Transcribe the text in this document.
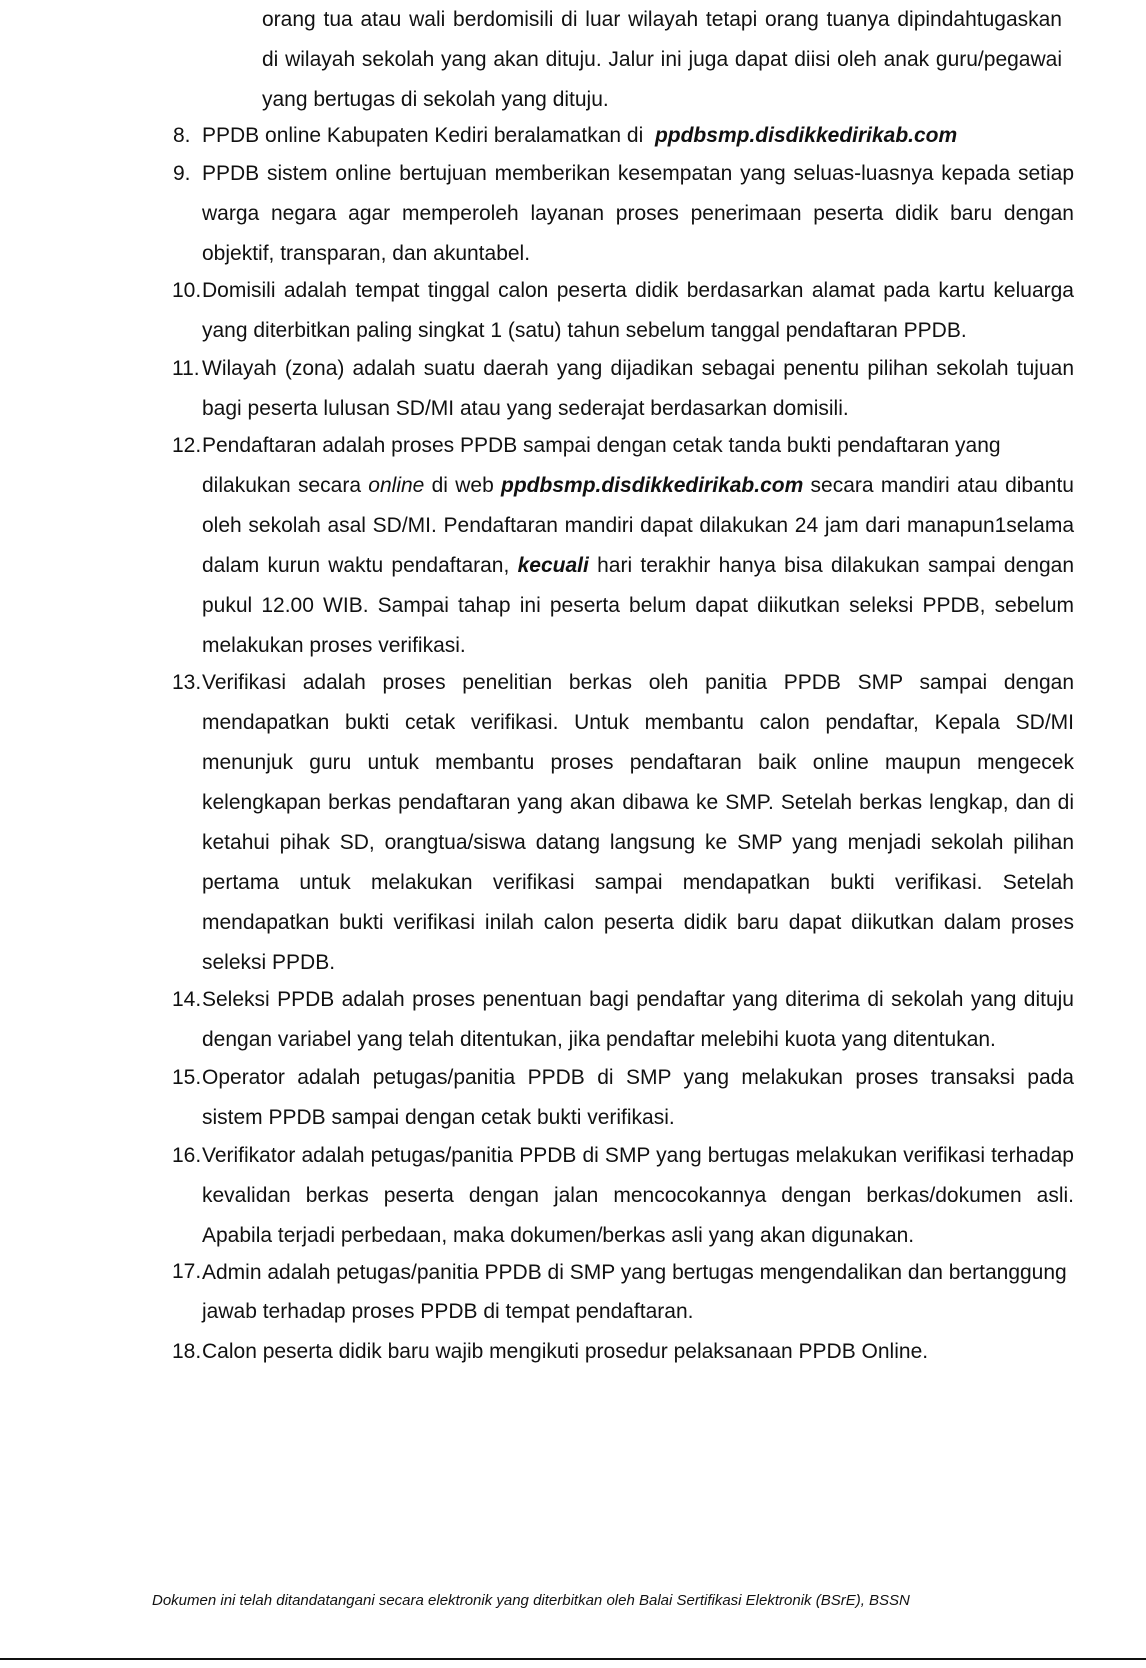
orang tua atau wali berdomisili di luar wilayah tetapi orang tuanya dipindahtugaskan di wilayah sekolah yang akan dituju. Jalur ini juga dapat diisi oleh anak guru/pegawai yang bertugas di sekolah yang dituju.
8. PPDB online Kabupaten Kediri beralamatkan di ppdbsmp.disdikkedirikab.com

9. PPDB sistem online bertujuan memberikan kesempatan yang seluas-luasnya kepada setiap warga negara agar memperoleh layanan proses penerimaan peserta didik baru dengan objektif, transparan, dan akuntabel.

10. Domisili adalah tempat tinggal calon peserta didik berdasarkan alamat pada kartu keluarga yang diterbitkan paling singkat 1 (satu) tahun sebelum tanggal pendaftaran PPDB.

11. Wilayah (zona) adalah suatu daerah yang dijadikan sebagai penentu pilihan sekolah tujuan bagi peserta lulusan SD/MI atau yang sederajat berdasarkan domisili.

12. Pendaftaran adalah proses PPDB sampai dengan cetak tanda bukti pendaftaran yang

dilakukan secara online di web ppdbsmp.disdikkedirikab.com secara mandiri atau dibantu oleh sekolah asal SD/MI. Pendaftaran mandiri dapat dilakukan 24 jam dari manapun1selama dalam kurun waktu pendaftaran, kecuali hari terakhir hanya bisa dilakukan sampai dengan pukul 12.00 WIB. Sampai tahap ini peserta belum dapat diikutkan seleksi PPDB, sebelum melakukan proses verifikasi.

13. Verifikasi adalah proses penelitian berkas oleh panitia PPDB SMP sampai dengan mendapatkan bukti cetak verifikasi. Untuk membantu calon pendaftar, Kepala SD/MI menunjuk guru untuk membantu proses pendaftaran baik online maupun mengecek kelengkapan berkas pendaftaran yang akan dibawa ke SMP. Setelah berkas lengkap, dan di ketahui pihak SD, orangtua/siswa datang langsung ke SMP yang menjadi sekolah pilihan pertama untuk melakukan verifikasi sampai mendapatkan bukti verifikasi. Setelah mendapatkan bukti verifikasi inilah calon peserta didik baru dapat diikutkan dalam proses seleksi PPDB.

14. Seleksi PPDB adalah proses penentuan bagi pendaftar yang diterima di sekolah yang dituju dengan variabel yang telah ditentukan, jika pendaftar melebihi kuota yang ditentukan.

15. Operator adalah petugas/panitia PPDB di SMP yang melakukan proses transaksi pada sistem PPDB sampai dengan cetak bukti verifikasi.

16. Verifikator adalah petugas/panitia PPDB di SMP yang bertugas melakukan verifikasi terhadap kevalidan berkas peserta dengan jalan mencocokannya dengan berkas/dokumen asli. Apabila terjadi perbedaan, maka dokumen/berkas asli yang akan digunakan.

17. Admin adalah petugas/panitia PPDB di SMP yang bertugas mengendalikan dan bertanggung

jawab terhadap proses PPDB di tempat pendaftaran.

18. Calon peserta didik baru wajib mengikuti prosedur pelaksanaan PPDB Online.

Dokumen ini telah ditandatangani secara elektronik yang diterbitkan oleh Balai Sertifikasi Elektronik (BSrE), BSSN
